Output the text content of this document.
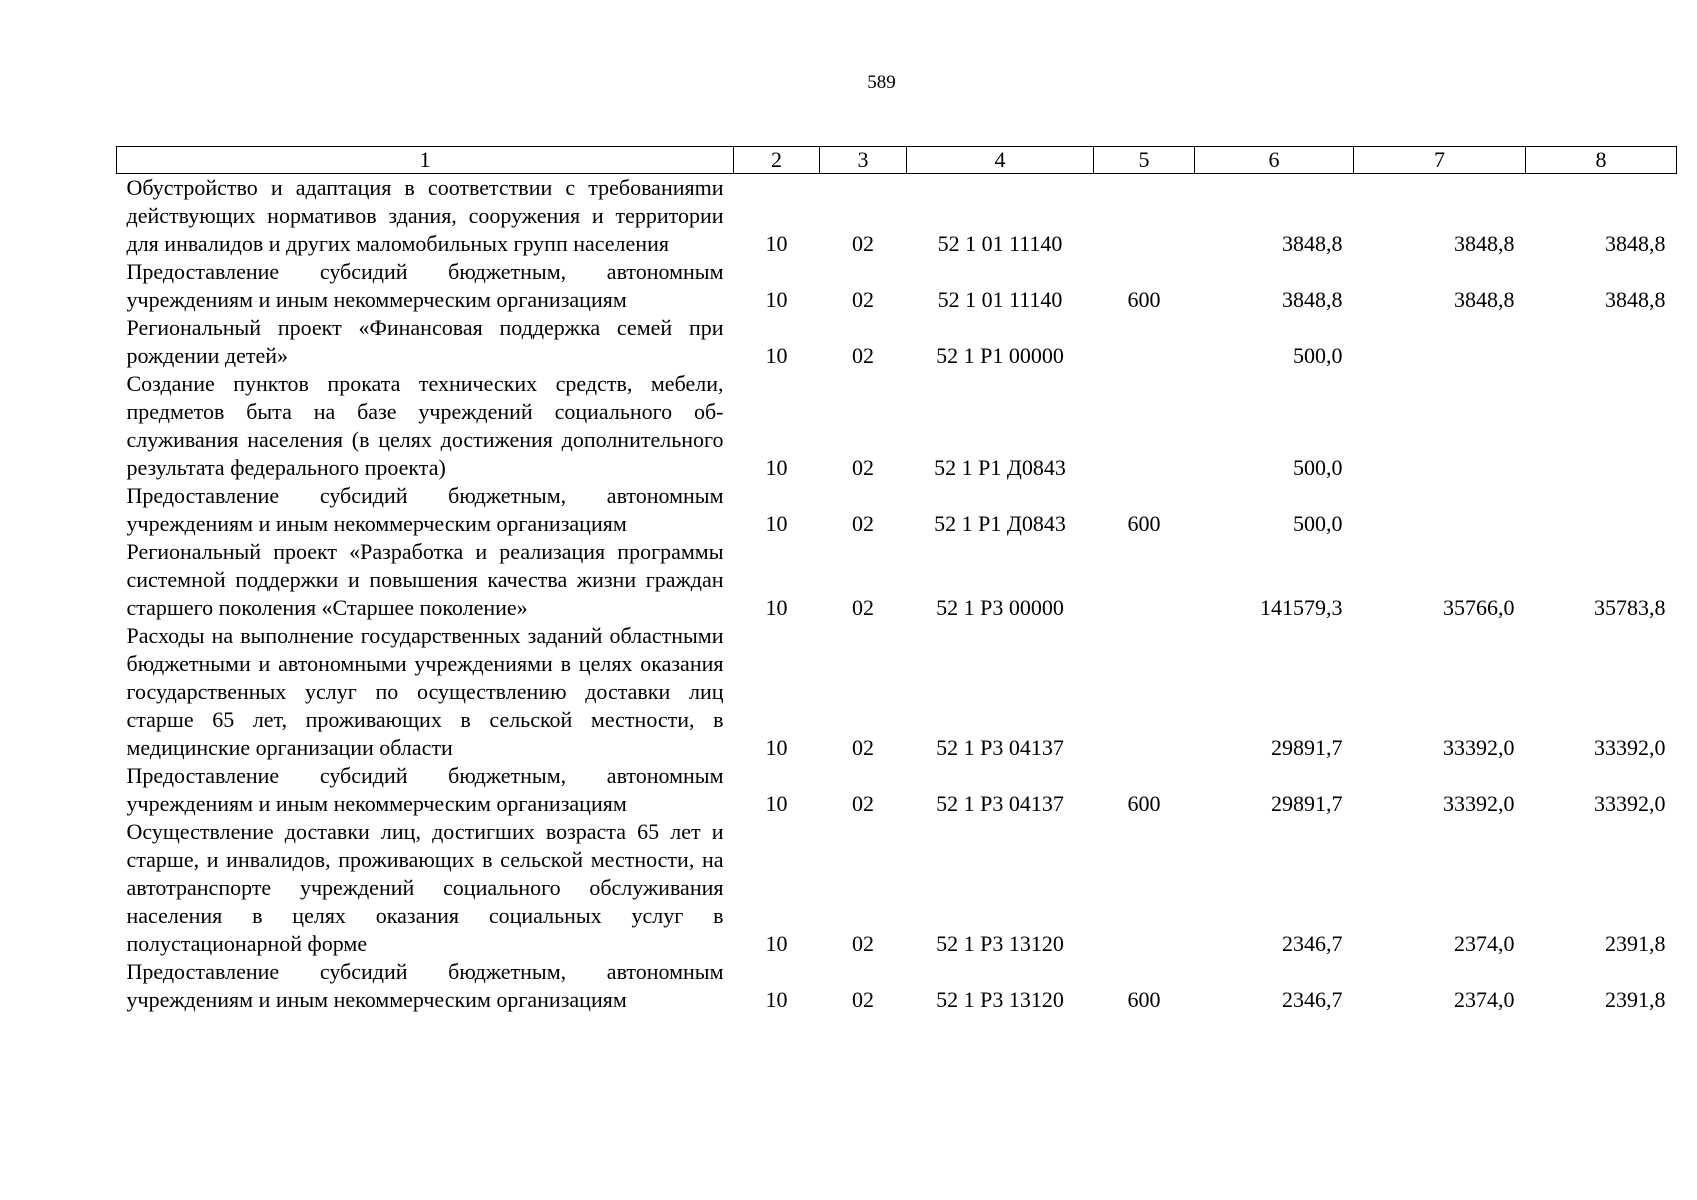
589
1	2	3	4	5	6	7	8
Обустройство и адаптация в соответствии с требованияmи действующих нормативов здания, сооружения и территории для инвалидов и других маломобильных групп населения	10	02	52 1 01 11140		3848,8	3848,8	3848,8
Предоставление субсидий бюджетным, автономным учреждениям и иным некоммерческим организациям	10	02	52 1 01 11140	600	3848,8	3848,8	3848,8
Региональный проект «Финансовая поддержка семей при рождении детей»	10	02	52 1 P1 00000		500,0		
Создание пунктов проката технических средств, мебели, предметов быта на базе учреждений социального обслуживания населения (в целях достижения дополнительного результата федерального проекта)	10	02	52 1 P1 Д0843		500,0		
Предоставление субсидий бюджетным, автономным учреждениям и иным некоммерческим организациям	10	02	52 1 P1 Д0843	600	500,0		
Региональный проект «Разработка и реализация программы системной поддержки и повышения качества жизни граждан старшего поколения «Старшее поколение»	10	02	52 1 P3 00000		141579,3	35766,0	35783,8
Расходы на выполнение государственных заданий областными бюджетными и автономными учреждениями в целях оказания государственных услуг по осуществлению доставки лиц старше 65 лет, проживающих в сельской местности, в медицинские организации области	10	02	52 1 P3 04137		29891,7	33392,0	33392,0
Предоставление субсидий бюджетным, автономным учреждениям и иным некоммерческим организациям	10	02	52 1 P3 04137	600	29891,7	33392,0	33392,0
Осуществление доставки лиц, достигших возраста 65 лет и старше, и инвалидов, проживающих в сельской местности, на автотранспорте учреждений социального обслуживания населения в целях оказания социальных услуг в полустационарной форме	10	02	52 1 P3 13120		2346,7	2374,0	2391,8
Предоставление субсидий бюджетным, автономным учреждениям и иным некоммерческим организациям	10	02	52 1 P3 13120	600	2346,7	2374,0	2391,8
